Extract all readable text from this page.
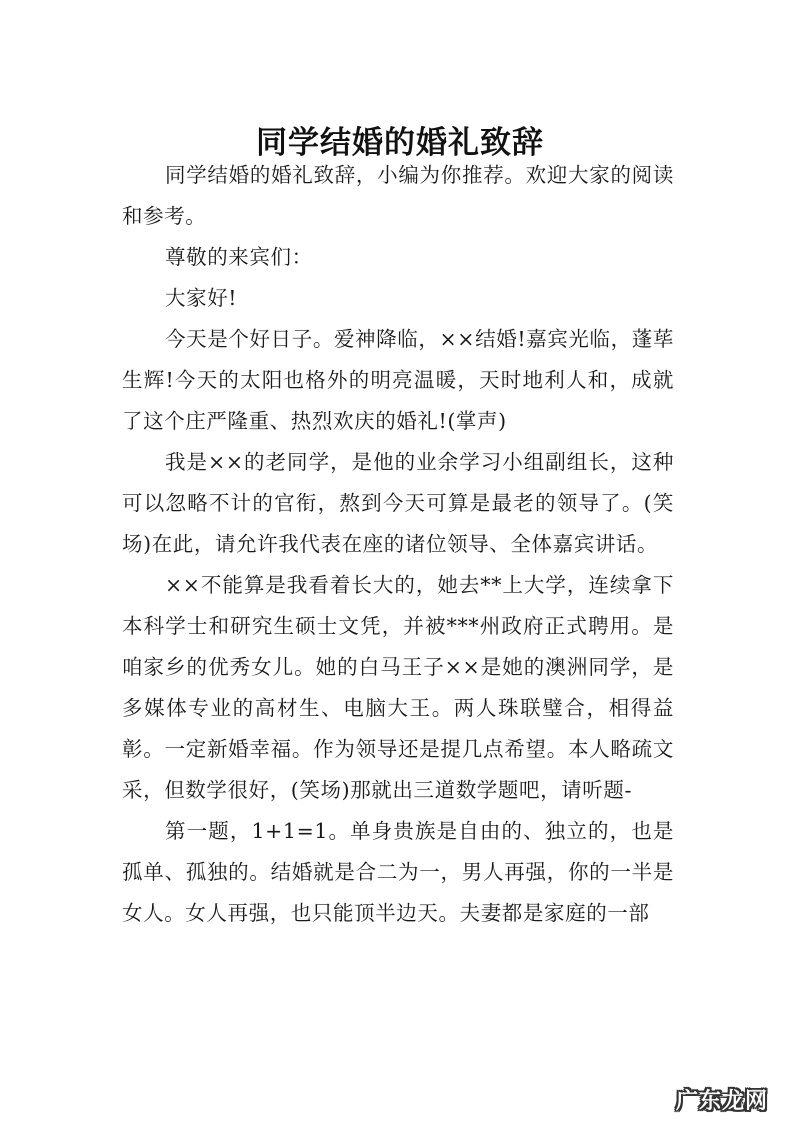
同学结婚的婚礼致辞

同学结婚的婚礼致辞，小编为你推荐。欢迎大家的阅读和参考。

尊敬的来宾们：

大家好!

今天是个好日子。爱神降临，××结婚!嘉宾光临，蓬荜生辉!今天的太阳也格外的明亮温暖，天时地利人和，成就了这个庄严隆重、热烈欢庆的婚礼!(掌声)

我是××的老同学，是他的业余学习小组副组长，这种可以忽略不计的官衔，熬到今天可算是最老的领导了。(笑场)在此，请允许我代表在座的诸位领导、全体嘉宾讲话。

××不能算是我看着长大的，她去**上大学，连续拿下本科学士和研究生硕士文凭，并被***州政府正式聘用。是咱家乡的优秀女儿。她的白马王子××是她的澳洲同学，是多媒体专业的高材生、电脑大王。两人珠联璧合，相得益彰。一定新婚幸福。作为领导还是提几点希望。本人略疏文采，但数学很好，(笑场)那就出三道数学题吧，请听题-

第一题，1+1=1。单身贵族是自由的、独立的，也是孤单、孤独的。结婚就是合二为一，男人再强，你的一半是女人。女人再强，也只能顶半边天。夫妻都是家庭的一部

广东龙网
